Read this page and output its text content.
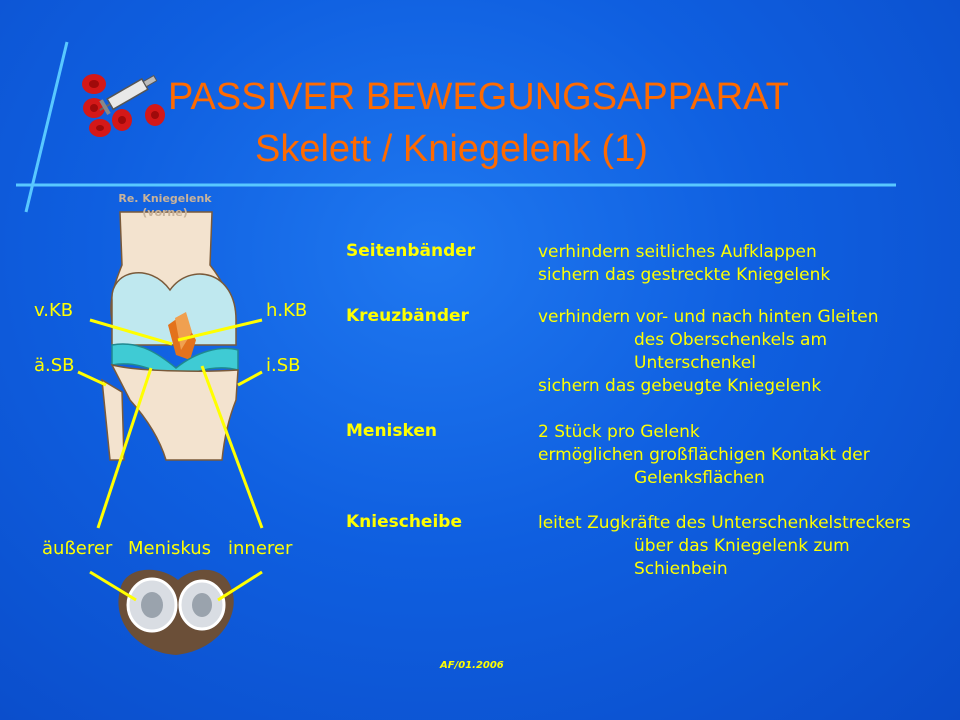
PASSIVER BEWEGUNGSAPPARAT
Skelett / Kniegelenk (1)
Re. Kniegelenk
(vorne)
v.KB	h.KB
ä.SB	i.SB
äußerer Meniskus innerer
Seitenbänder	verhindern seitliches Aufklappen
sichern das gestreckte Kniegelenk
Kreuzbänder	verhindern vor- und nach hinten Gleiten
des Oberschenkels am
Unterschenkel
sichern das gebeugte Kniegelenk
Menisken	2 Stück pro Gelenk
ermöglichen großflächigen Kontakt der
Gelenksflächen
Kniescheibe	leitet Zugkräfte des Unterschenkelstreckers
über das Kniegelenk zum
Schienbein
AF/01.2006
